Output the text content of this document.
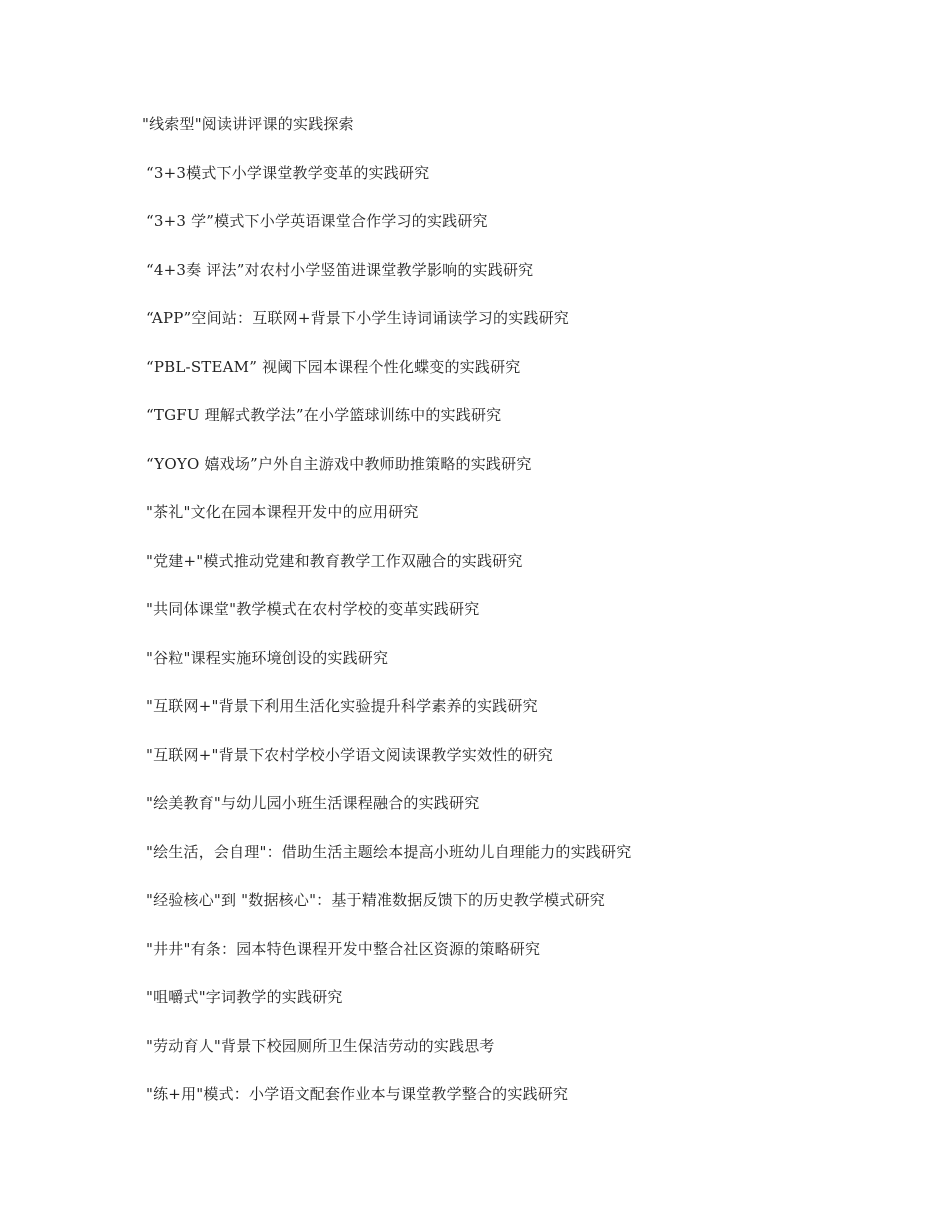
"线索型"阅读讲评课的实践探索
“3+3模式下小学课堂教学变革的实践研究
“3+3 学”模式下小学英语课堂合作学习的实践研究
“4+3奏 评法”对农村小学竖笛进课堂教学影响的实践研究
“APP”空间站：互联网+背景下小学生诗词诵读学习的实践研究
“PBL-STEAM” 视阈下园本课程个性化蝶变的实践研究
“TGFU 理解式教学法”在小学篮球训练中的实践研究
“YOYO 嬉戏场”户外自主游戏中教师助推策略的实践研究
"茶礼"文化在园本课程开发中的应用研究
"党建+"模式推动党建和教育教学工作双融合的实践研究
"共同体课堂"教学模式在农村学校的变革实践研究
"谷粒"课程实施环境创设的实践研究
"互联网+"背景下利用生活化实验提升科学素养的实践研究
"互联网+"背景下农村学校小学语文阅读课教学实效性的研究
"绘美教育"与幼儿园小班生活课程融合的实践研究
"绘生活，会自理"：借助生活主题绘本提高小班幼儿自理能力的实践研究
"经验核心"到 "数据核心"：基于精准数据反馈下的历史教学模式研究
"井井"有条：园本特色课程开发中整合社区资源的策略研究
"咀嚼式"字词教学的实践研究
"劳动育人"背景下校园厕所卫生保洁劳动的实践思考
"练+用"模式：小学语文配套作业本与课堂教学整合的实践研究
